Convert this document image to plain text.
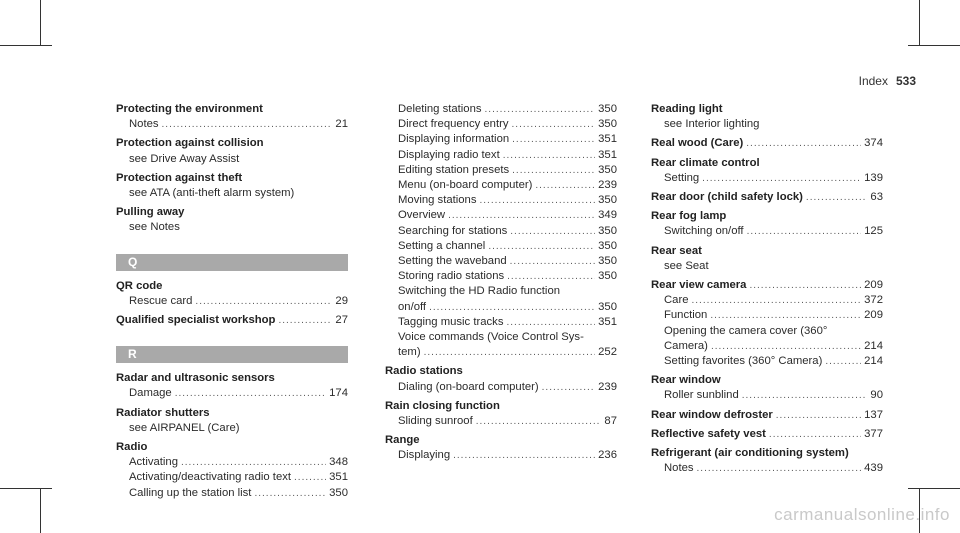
Index 533
Protecting the environment
Notes .....	21
Protection against collision
see Drive Away Assist
Protection against theft
see ATA (anti-theft alarm system)
Pulling away
see Notes
Q
QR code
Rescue card .....	29
Qualified specialist workshop .....	27
R
Radar and ultrasonic sensors
Damage .....	174
Radiator shutters
see AIRPANEL (Care)
Radio
Activating .....	348
Activating/deactivating radio text .....	351
Calling up the station list .....	350
Deleting stations .....	350
Direct frequency entry .....	350
Displaying information .....	351
Displaying radio text .....	351
Editing station presets .....	350
Menu (on-board computer) .....	239
Moving stations .....	350
Overview .....	349
Searching for stations .....	350
Setting a channel .....	350
Setting the waveband .....	350
Storing radio stations .....	350
Switching the HD Radio function
on/off .....	350
Tagging music tracks .....	351
Voice commands (Voice Control Sys-
tem) .....	252
Radio stations
Dialing (on-board computer) .....	239
Rain closing function
Sliding sunroof .....	87
Range
Displaying .....	236
Reading light
see Interior lighting
Real wood (Care) .....	374
Rear climate control
Setting .....	139
Rear door (child safety lock) .....	63
Rear fog lamp
Switching on/off .....	125
Rear seat
see Seat
Rear view camera .....	209
Care .....	372
Function .....	209
Opening the camera cover (360°
Camera) .....	214
Setting favorites (360° Camera) .....	214
Rear window
Roller sunblind .....	90
Rear window defroster .....	137
Reflective safety vest .....	377
Refrigerant (air conditioning system)
Notes .....	439
carmanualsonline.info
